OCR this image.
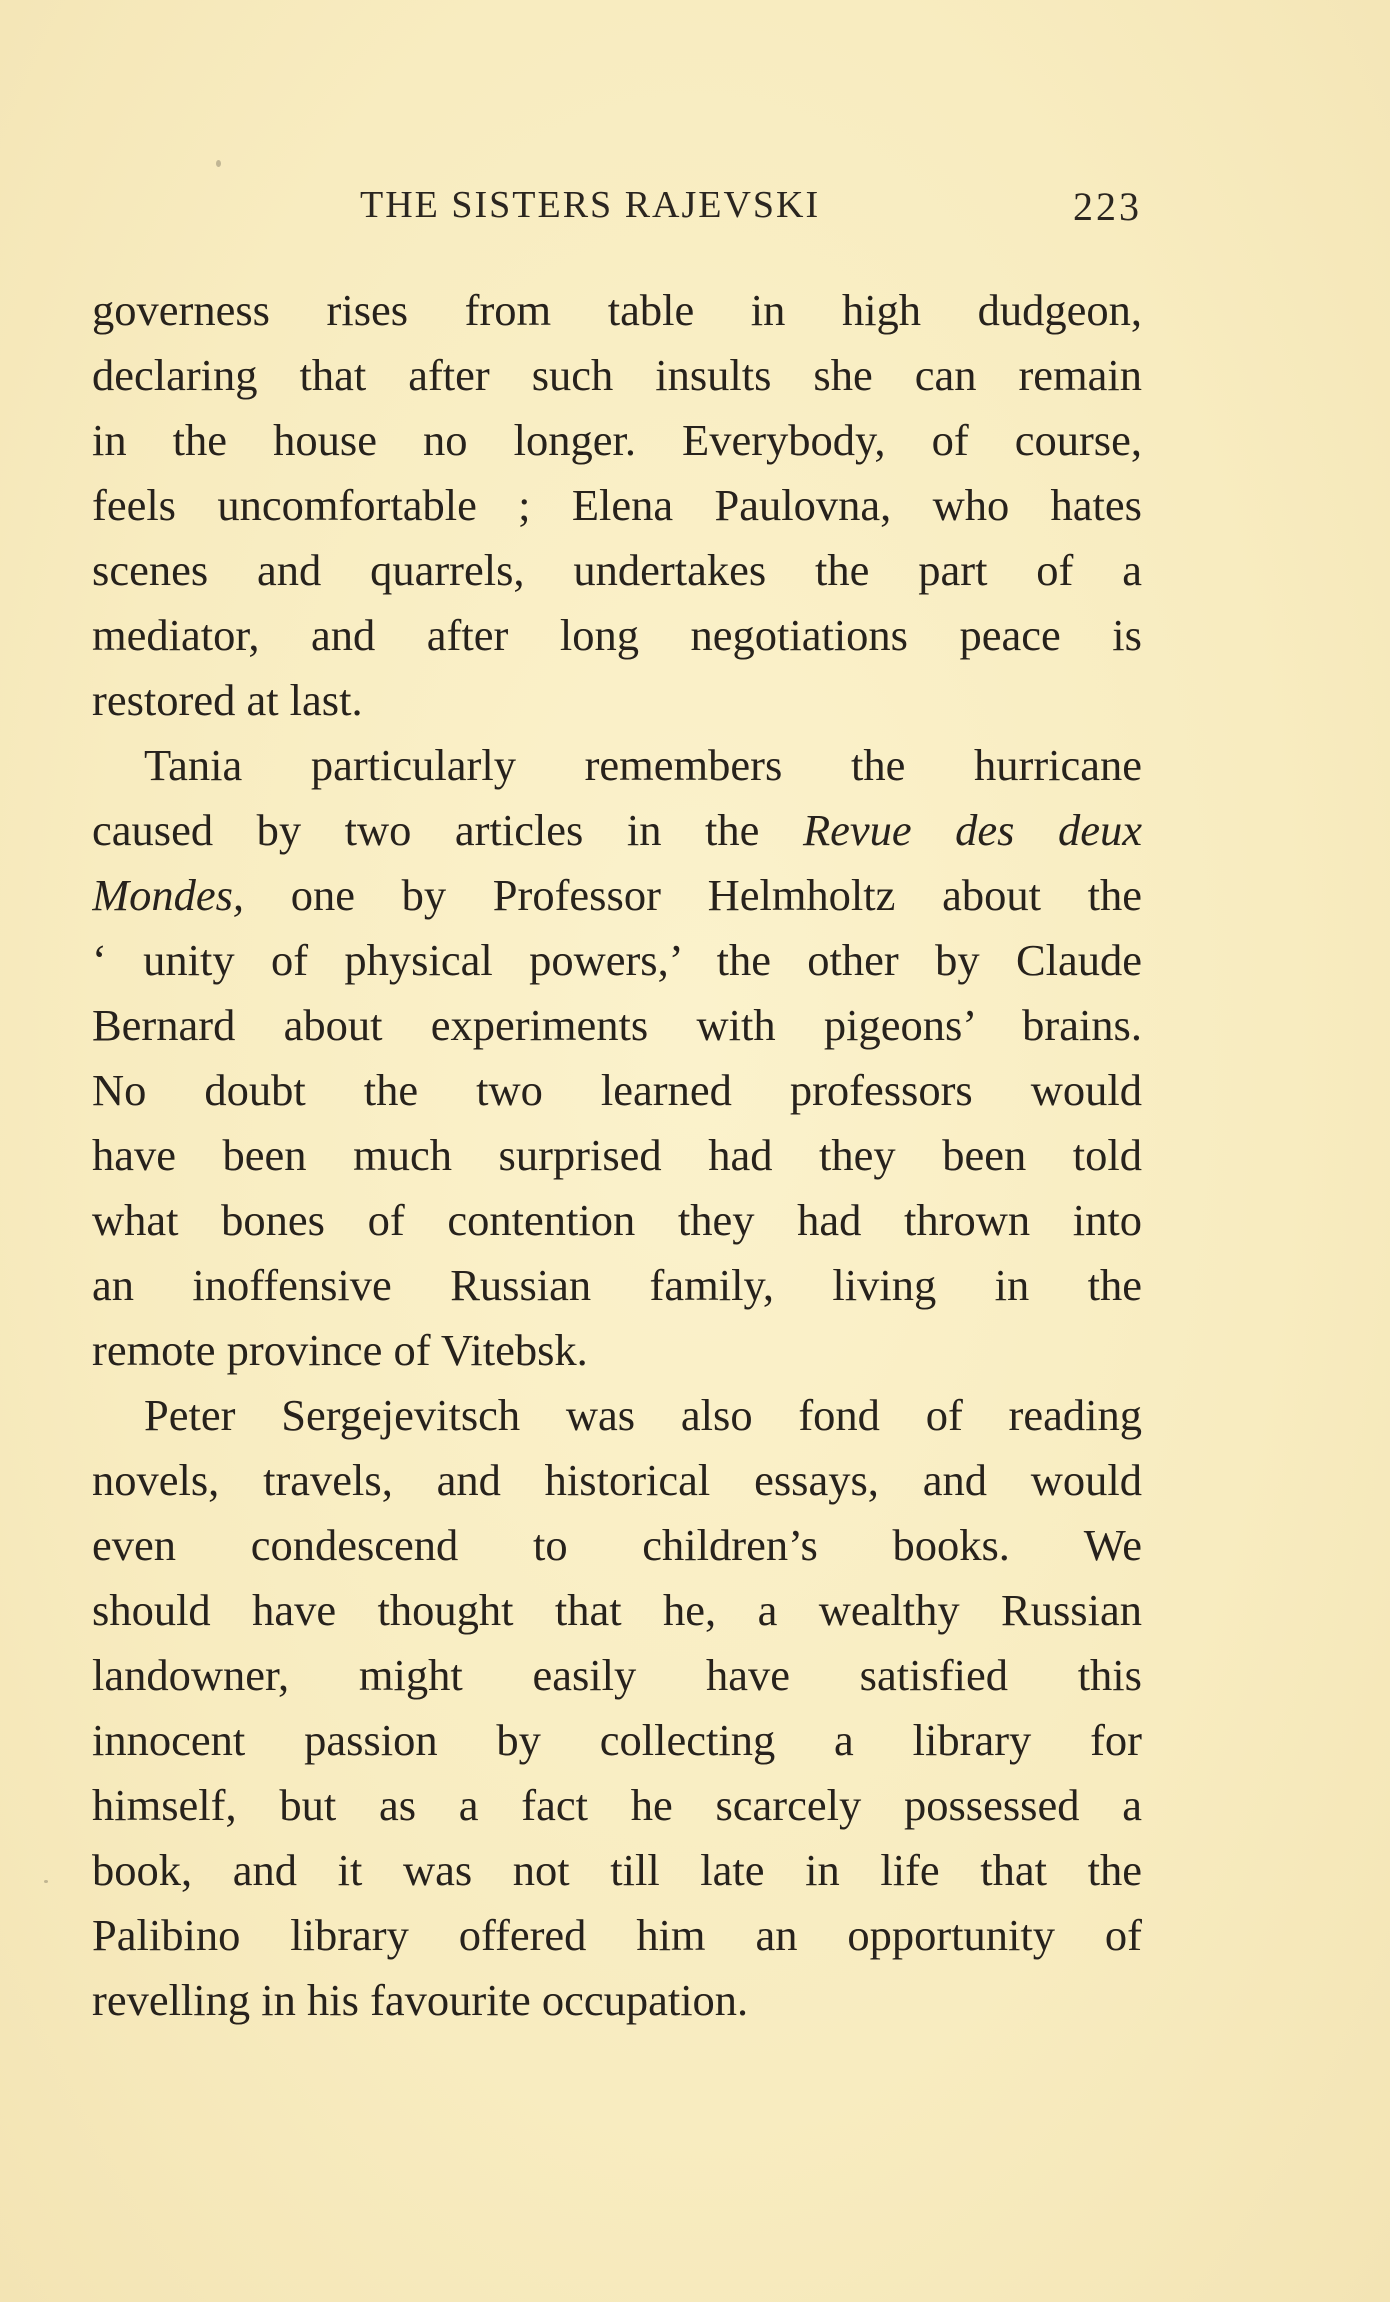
THE SISTERS RAJEVSKI	223
governess rises from table in high dudgeon,
declaring that after such insults she can remain
in the house no longer. Everybody, of course,
feels uncomfortable ; Elena Paulovna, who hates
scenes and quarrels, undertakes the part of a
mediator, and after long negotiations peace is
restored at last.
Tania particularly remembers the hurricane
caused by two articles in the Revue des deux
Mondes, one by Professor Helmholtz about the
‘ unity of physical powers,’ the other by Claude
Bernard about experiments with pigeons’ brains.
No doubt the two learned professors would
have been much surprised had they been told
what bones of contention they had thrown into
an inoffensive Russian family, living in the
remote province of Vitebsk.
Peter Sergejevitsch was also fond of reading
novels, travels, and historical essays, and would
even condescend to children’s books. We
should have thought that he, a wealthy Russian
landowner, might easily have satisfied this
innocent passion by collecting a library for
himself, but as a fact he scarcely possessed a
book, and it was not till late in life that the
Palibino library offered him an opportunity of
revelling in his favourite occupation.
